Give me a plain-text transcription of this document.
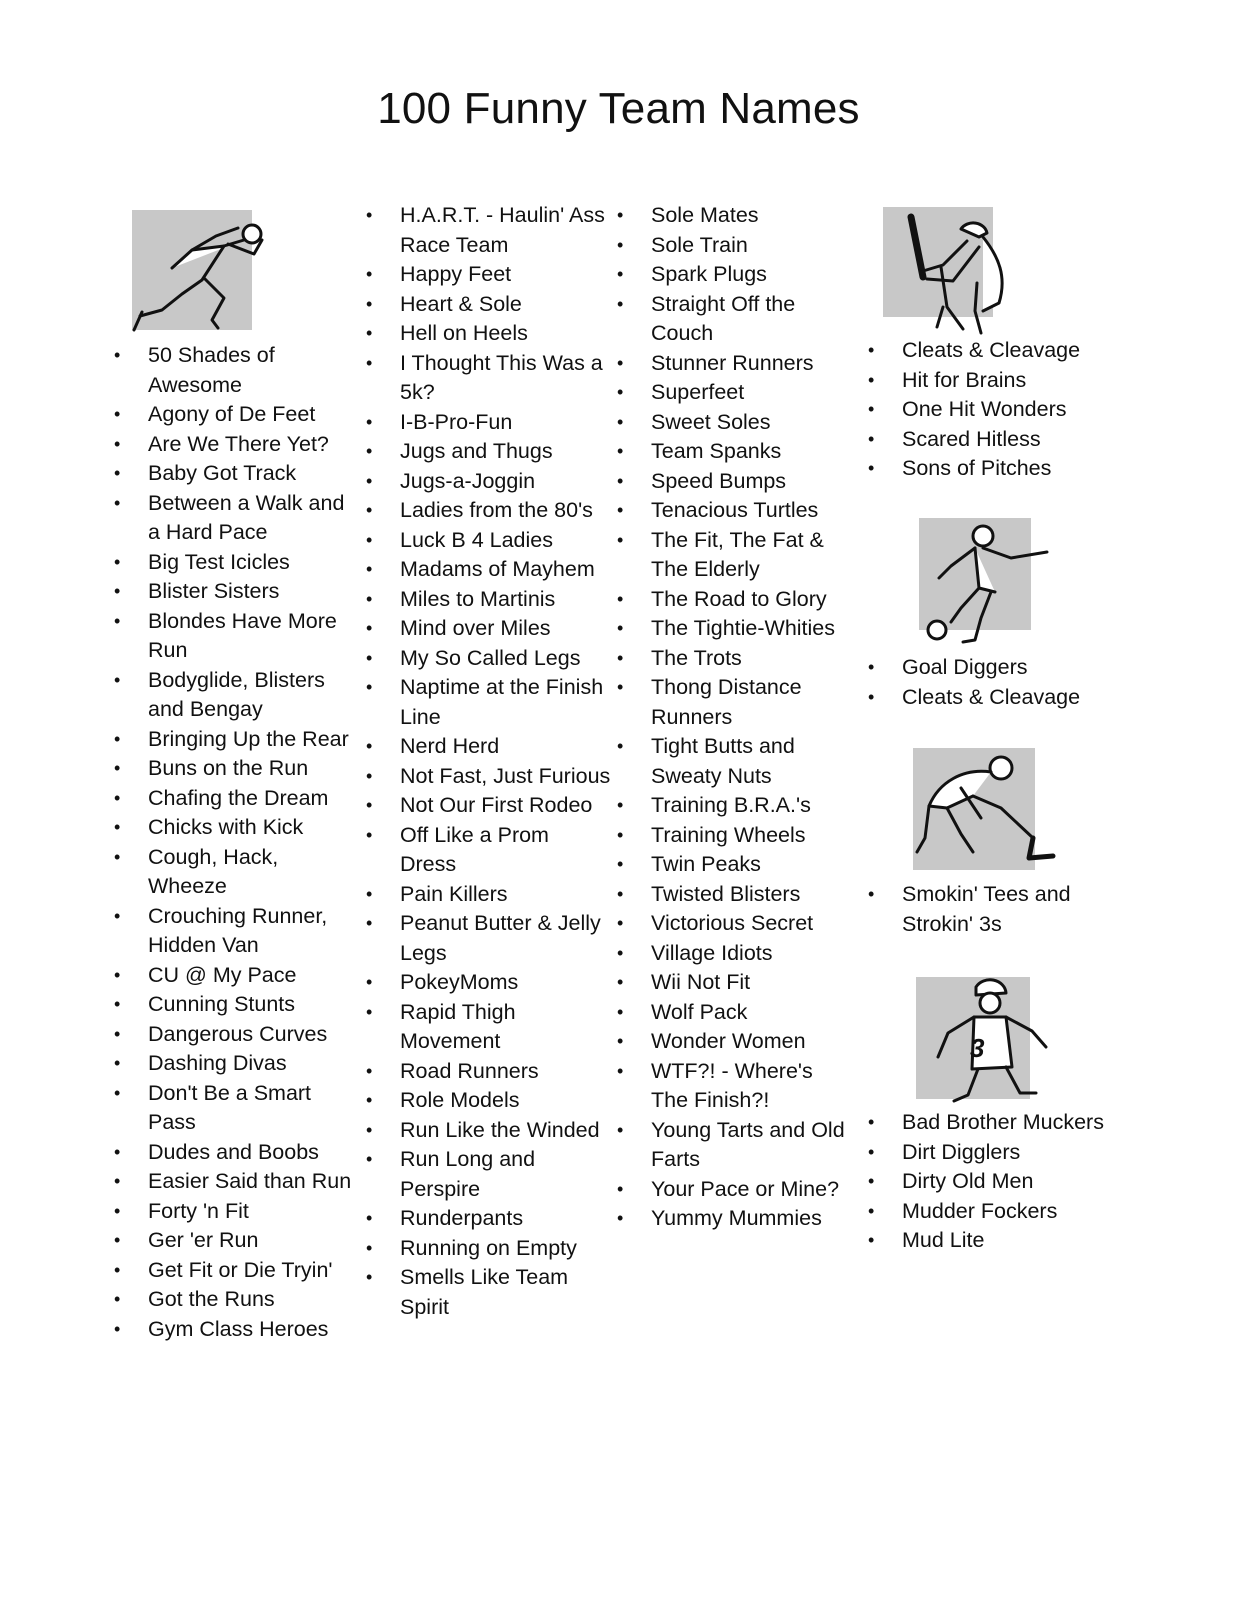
100 Funny Team Names
• 50 Shades of Awesome
• Agony of De Feet
• Are We There Yet?
• Baby Got Track
• Between a Walk and a Hard Pace
• Big Test Icicles
• Blister Sisters
• Blondes Have More Run
• Bodyglide, Blisters and Bengay
• Bringing Up the Rear
• Buns on the Run
• Chafing the Dream
• Chicks with Kick
• Cough, Hack, Wheeze
• Crouching Runner, Hidden Van
• CU @ My Pace
• Cunning Stunts
• Dangerous Curves
• Dashing Divas
• Don't Be a Smart Pass
• Dudes and Boobs
• Easier Said than Run
• Forty 'n Fit
• Ger 'er Run
• Get Fit or Die Tryin'
• Got the Runs
• Gym Class Heroes
• H.A.R.T. - Haulin' Ass Race Team
• Happy Feet
• Heart & Sole
• Hell on Heels
• I Thought This Was a 5k?
• I-B-Pro-Fun
• Jugs and Thugs
• Jugs-a-Joggin
• Ladies from the 80's
• Luck B 4 Ladies
• Madams of Mayhem
• Miles to Martinis
• Mind over Miles
• My So Called Legs
• Naptime at the Finish Line
• Nerd Herd
• Not Fast, Just Furious
• Not Our First Rodeo
• Off Like a Prom Dress
• Pain Killers
• Peanut Butter & Jelly Legs
• PokeyMoms
• Rapid Thigh Movement
• Road Runners
• Role Models
• Run Like the Winded
• Run Long and Perspire
• Runderpants
• Running on Empty
• Smells Like Team Spirit
• Sole Mates
• Sole Train
• Spark Plugs
• Straight Off the Couch
• Stunner Runners
• Superfeet
• Sweet Soles
• Team Spanks
• Speed Bumps
• Tenacious Turtles
• The Fit, The Fat & The Elderly
• The Road to Glory
• The Tightie-Whities
• The Trots
• Thong Distance Runners
• Tight Butts and Sweaty Nuts
• Training B.R.A.'s
• Training Wheels
• Twin Peaks
• Twisted Blisters
• Victorious Secret
• Village Idiots
• Wii Not Fit
• Wolf Pack
• Wonder Women
• WTF?! - Where's The Finish?!
• Young Tarts and Old Farts
• Your Pace or Mine?
• Yummy Mummies
• Cleats & Cleavage
• Hit for Brains
• One Hit Wonders
• Scared Hitless
• Sons of Pitches
• Goal Diggers
• Cleats & Cleavage
• Smokin' Tees and Strokin' 3s
3
• Bad Brother Muckers
• Dirt Digglers
• Dirty Old Men
• Mudder Fockers
• Mud Lite
